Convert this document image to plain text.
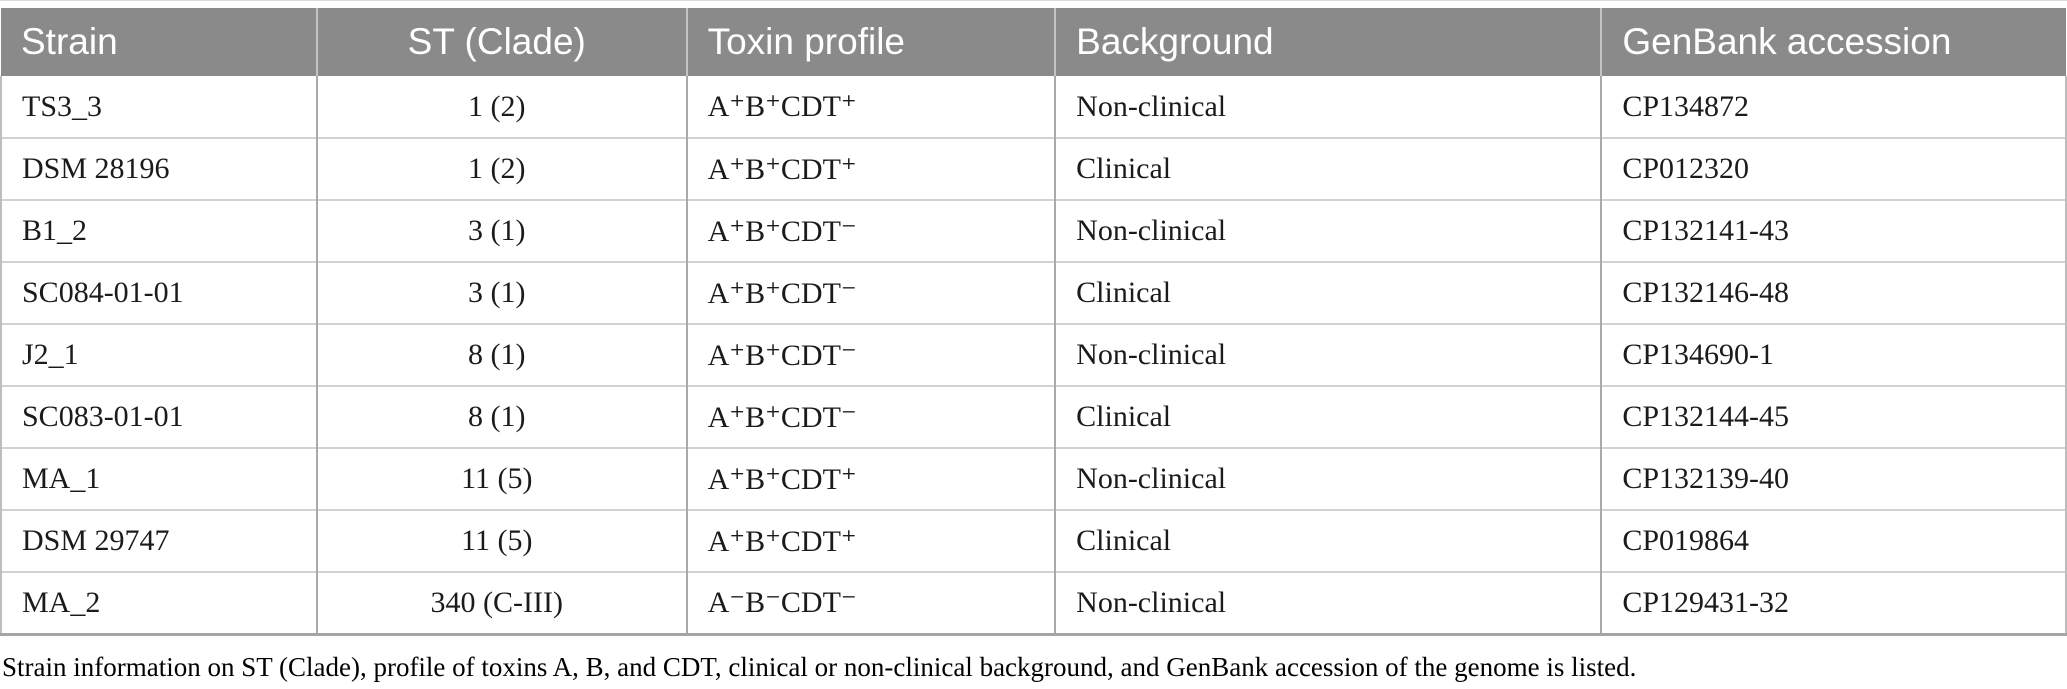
Strain	ST (Clade)	Toxin profile	Background	GenBank accession
TS3_3	1 (2)	A⁺B⁺CDT⁺	Non-clinical	CP134872
DSM 28196	1 (2)	A⁺B⁺CDT⁺	Clinical	CP012320
B1_2	3 (1)	A⁺B⁺CDT⁻	Non-clinical	CP132141-43
SC084-01-01	3 (1)	A⁺B⁺CDT⁻	Clinical	CP132146-48
J2_1	8 (1)	A⁺B⁺CDT⁻	Non-clinical	CP134690-1
SC083-01-01	8 (1)	A⁺B⁺CDT⁻	Clinical	CP132144-45
MA_1	11 (5)	A⁺B⁺CDT⁺	Non-clinical	CP132139-40
DSM 29747	11 (5)	A⁺B⁺CDT⁺	Clinical	CP019864
MA_2	340 (C-III)	A⁻B⁻CDT⁻	Non-clinical	CP129431-32

Strain information on ST (Clade), profile of toxins A, B, and CDT, clinical or non-clinical background, and GenBank accession of the genome is listed.
